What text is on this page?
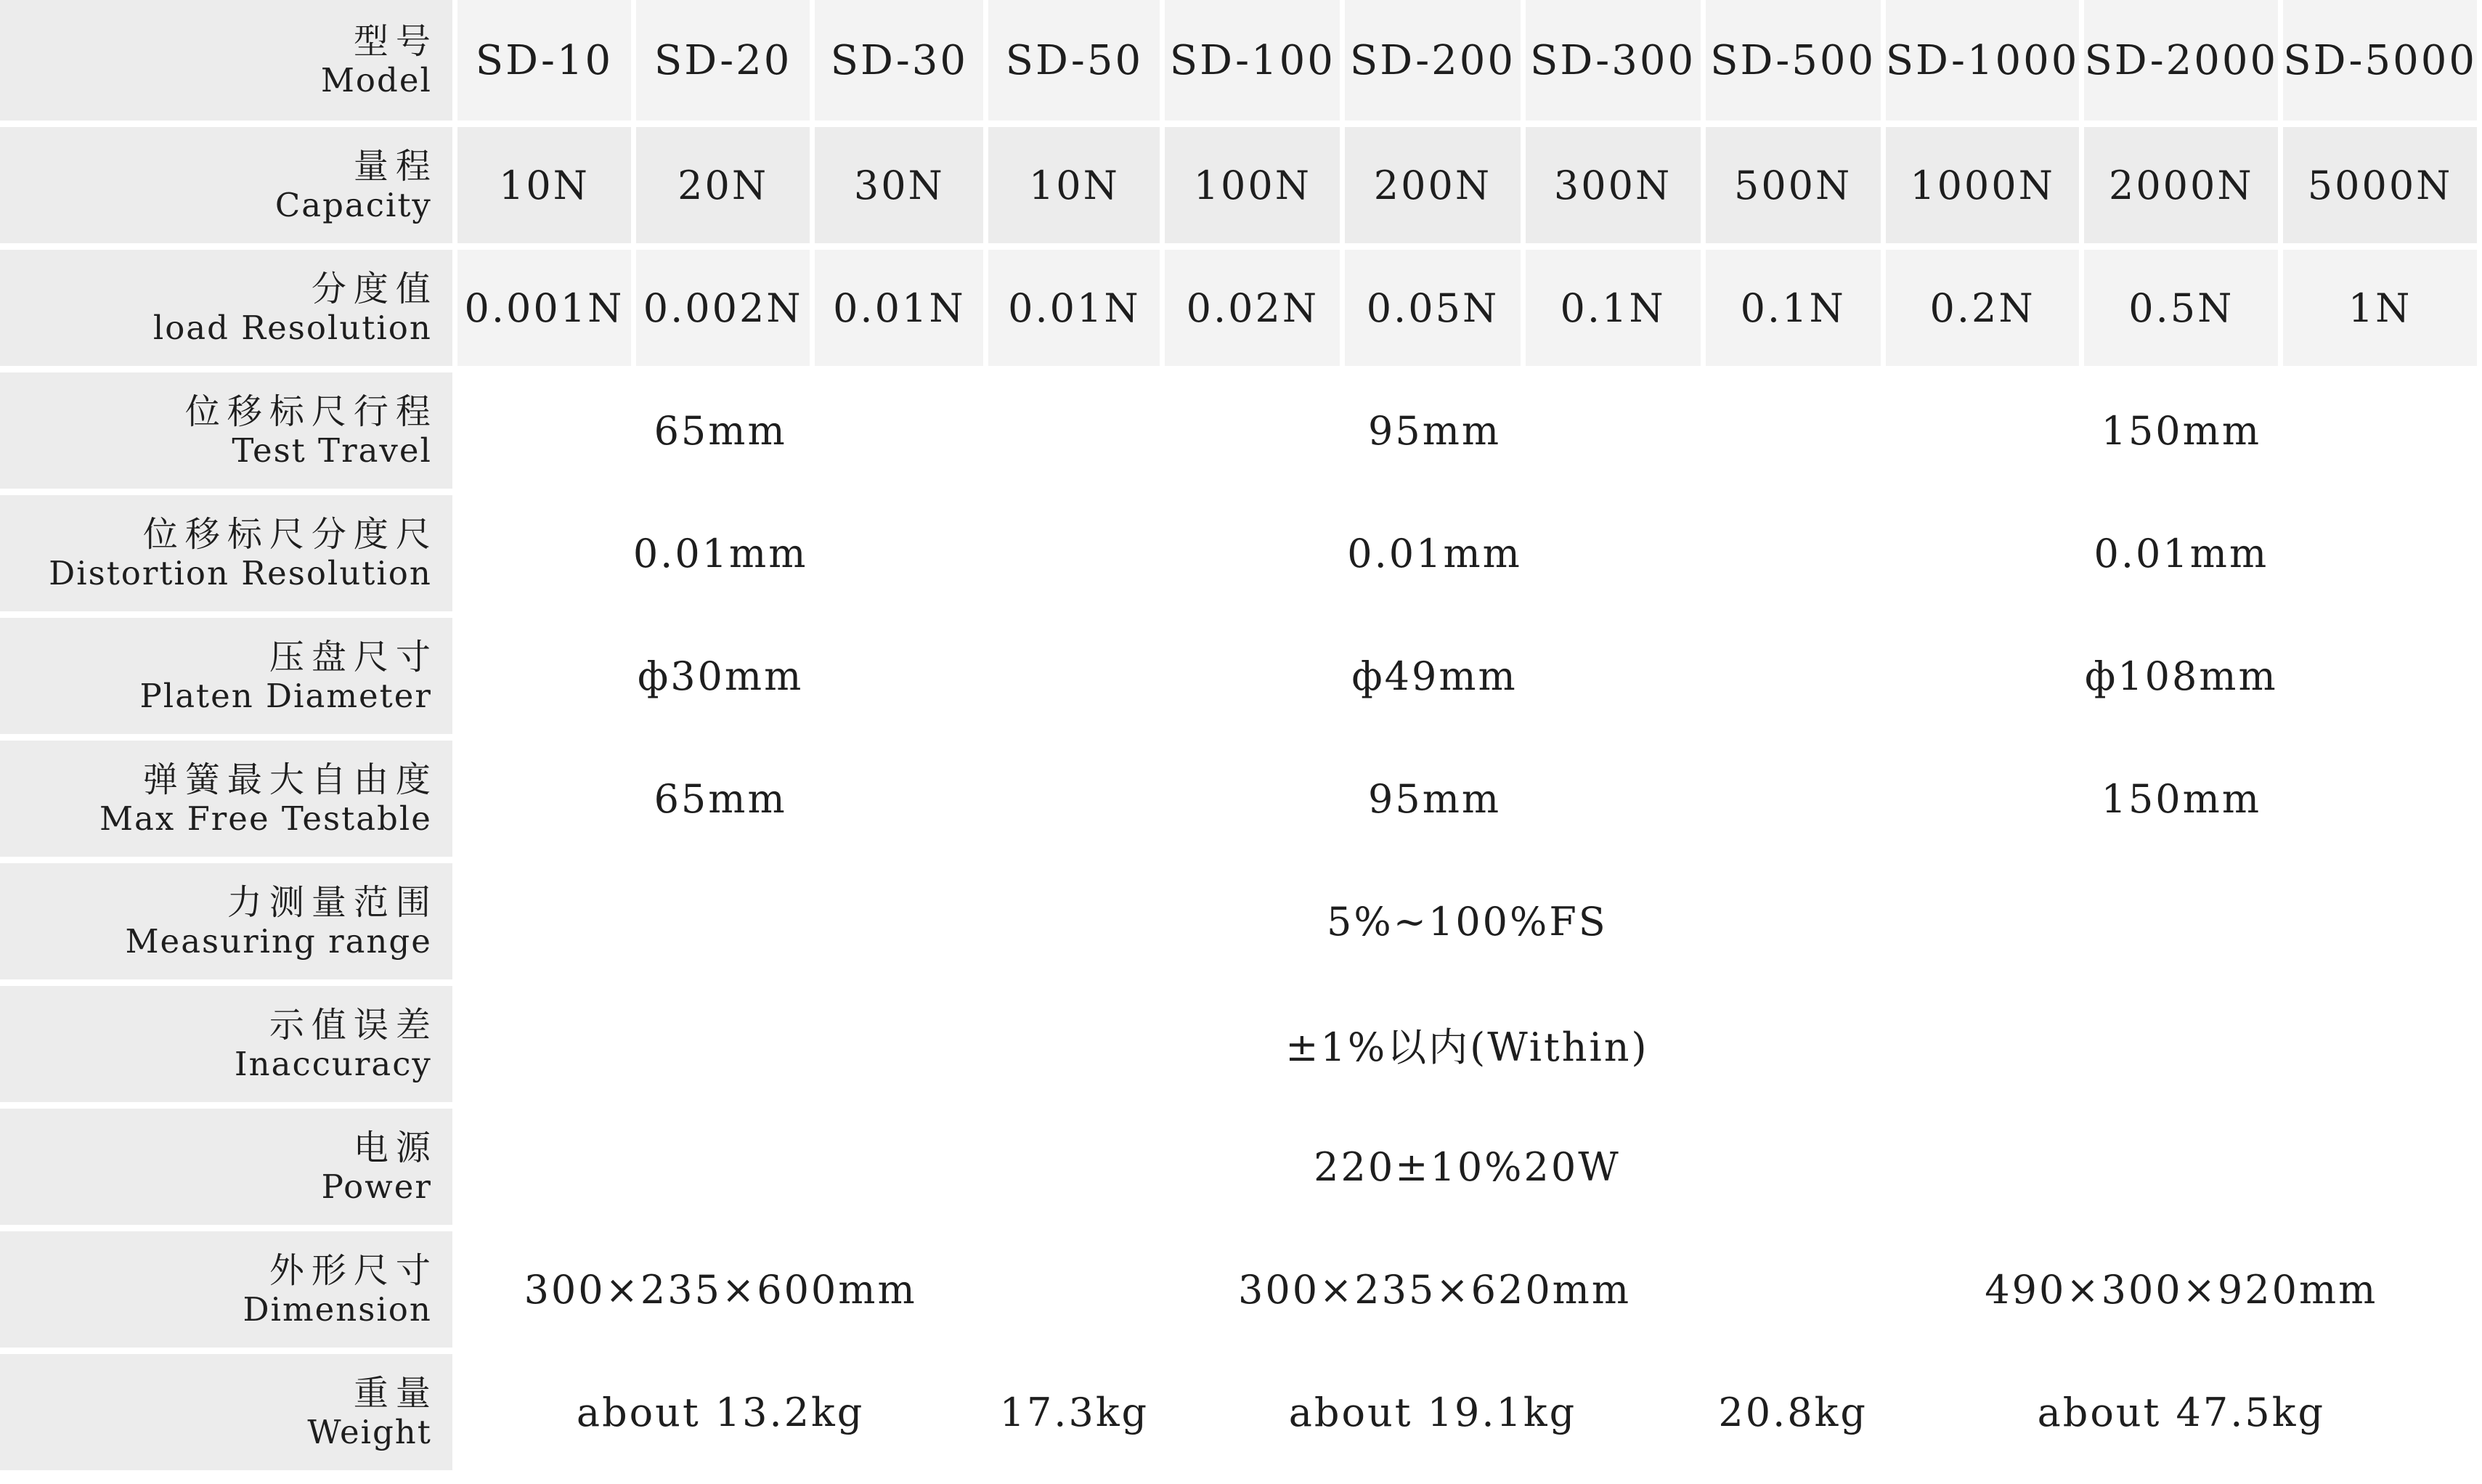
型号
Model	SD-10	SD-20	SD-30	SD-50	SD-100	SD-200	SD-300	SD-500	SD-1000	SD-2000	SD-5000

量程
Capacity	10N	20N	30N	10N	100N	200N	300N	500N	1000N	2000N	5000N

分度值
load Resolution	0.001N	0.002N	0.01N	0.01N	0.02N	0.05N	0.1N	0.1N	0.2N	0.5N	1N

位移标尺行程
Test Travel	65mm			95mm					150mm		

位移标尺分度尺
Distortion Resolution	0.01mm			0.01mm					0.01mm		

压盘尺寸
Platen Diameter	ф30mm			ф49mm					ф108mm		

弹簧最大自由度
Max Free Testable	65mm			95mm					150mm		

力测量范围
Measuring range	5%~100%FS										

示值误差
Inaccuracy	±1%以内(Within)										

电源
Power	220±10%20W										

外形尺寸
Dimension	300×235×600mm			300×235×620mm					490×300×920mm		

重量
Weight	about 13.2kg			17.3kg	about 19.1kg			20.8kg	about 47.5kg		
